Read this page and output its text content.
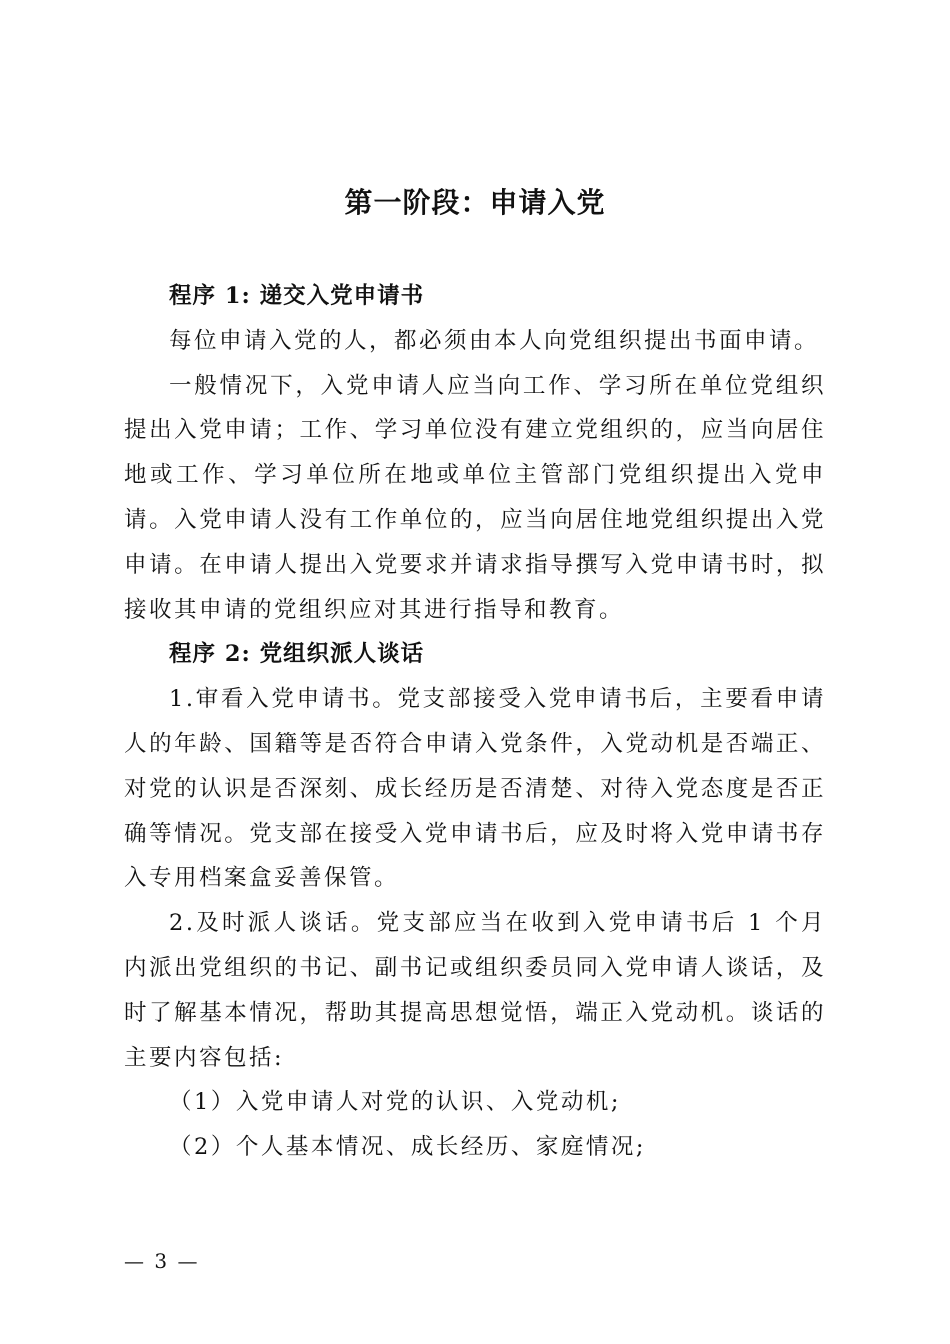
第一阶段：申请入党

程序 1: 递交入党申请书

每位申请入党的人，都必须由本人向党组织提出书面申请。

一般情况下，入党申请人应当向工作、学习所在单位党组织提出入党申请；工作、学习单位没有建立党组织的，应当向居住地或工作、学习单位所在地或单位主管部门党组织提出入党申请。入党申请人没有工作单位的，应当向居住地党组织提出入党申请。在申请人提出入党要求并请求指导撰写入党申请书时，拟接收其申请的党组织应对其进行指导和教育。

程序 2: 党组织派人谈话

1.审看入党申请书。党支部接受入党申请书后，主要看申请人的年龄、国籍等是否符合申请入党条件，入党动机是否端正、对党的认识是否深刻、成长经历是否清楚、对待入党态度是否正确等情况。党支部在接受入党申请书后，应及时将入党申请书存入专用档案盒妥善保管。

2.及时派人谈话。党支部应当在收到入党申请书后 1 个月内派出党组织的书记、副书记或组织委员同入党申请人谈话，及时了解基本情况，帮助其提高思想觉悟，端正入党动机。谈话的主要内容包括:

（1）入党申请人对党的认识、入党动机;

（2）个人基本情况、成长经历、家庭情况;

— 3 —
